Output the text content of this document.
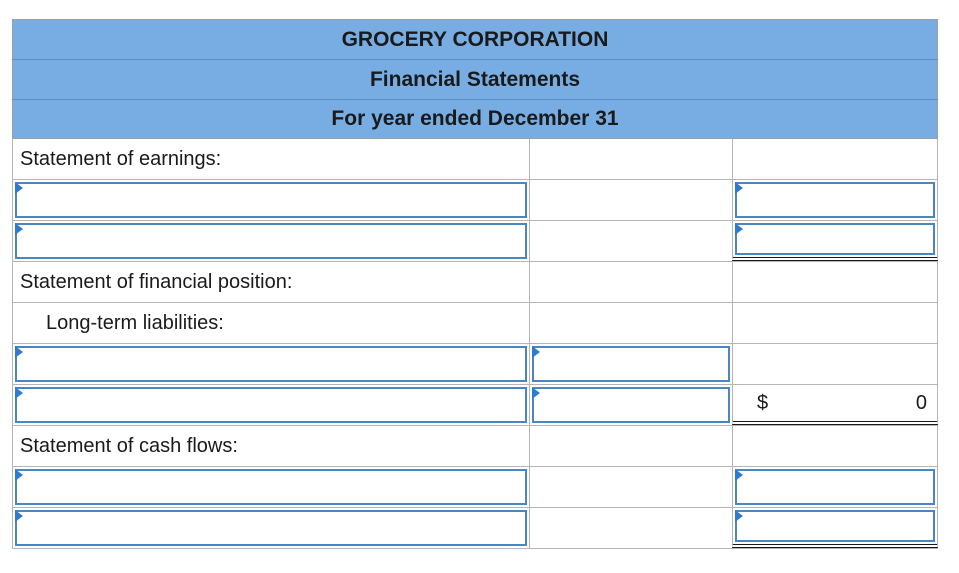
GROCERY CORPORATION
Financial Statements
For year ended December 31
Statement of earnings:
Statement of financial position:
Long-term liabilities:
$	0
Statement of cash flows:
